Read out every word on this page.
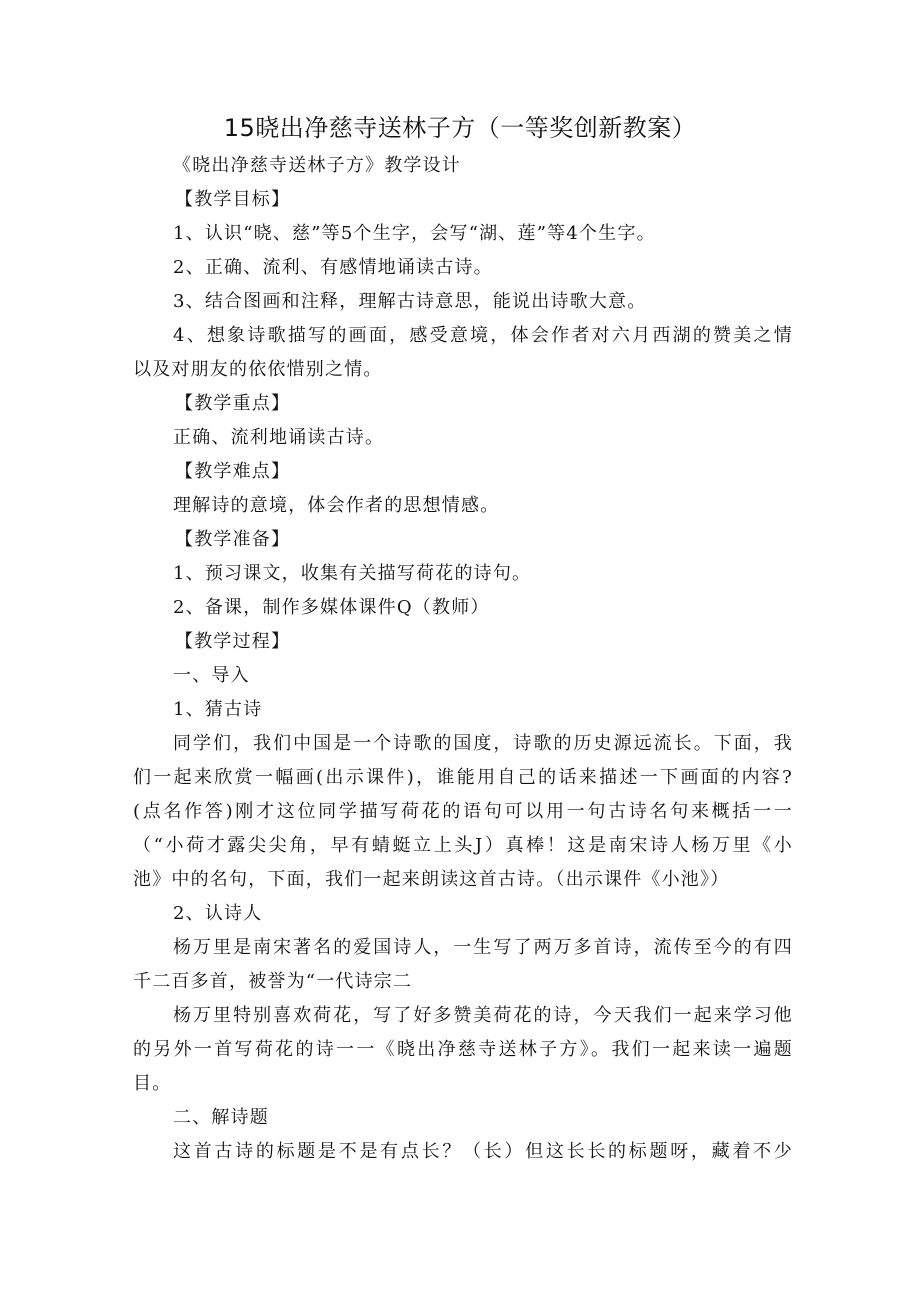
15晓出净慈寺送林子方（一等奖创新教案）
《晓出净慈寺送林子方》教学设计
【教学目标】
1、认识“晓、慈”等5个生字，会写“湖、莲”等4个生字。
2、正确、流利、有感情地诵读古诗。
3、结合图画和注释，理解古诗意思，能说出诗歌大意。
4、想象诗歌描写的画面，感受意境，体会作者对六月西湖的赞美之情
以及对朋友的依依惜别之情。
【教学重点】
正确、流利地诵读古诗。
【教学难点】
理解诗的意境，体会作者的思想情感。
【教学准备】
1、预习课文，收集有关描写荷花的诗句。
2、备课，制作多媒体课件Q（教师）
【教学过程】
一、导入
1、猜古诗
同学们，我们中国是一个诗歌的国度，诗歌的历史源远流长。下面，我
们一起来欣赏一幅画(出示课件)，谁能用自己的话来描述一下画面的内容?
(点名作答)刚才这位同学描写荷花的语句可以用一句古诗名句来概括一一
（“小荷才露尖尖角，早有蜻蜓立上头J）真棒！这是南宋诗人杨万里《小
池》中的名句，下面，我们一起来朗读这首古诗。（出示课件《小池》）
2、认诗人
杨万里是南宋著名的爱国诗人，一生写了两万多首诗，流传至今的有四
千二百多首，被誉为“一代诗宗二
杨万里特别喜欢荷花，写了好多赞美荷花的诗，今天我们一起来学习他
的另外一首写荷花的诗一一《晓出净慈寺送林子方》。我们一起来读一遍题
目。
二、解诗题
这首古诗的标题是不是有点长？（长）但这长长的标题呀，藏着不少
